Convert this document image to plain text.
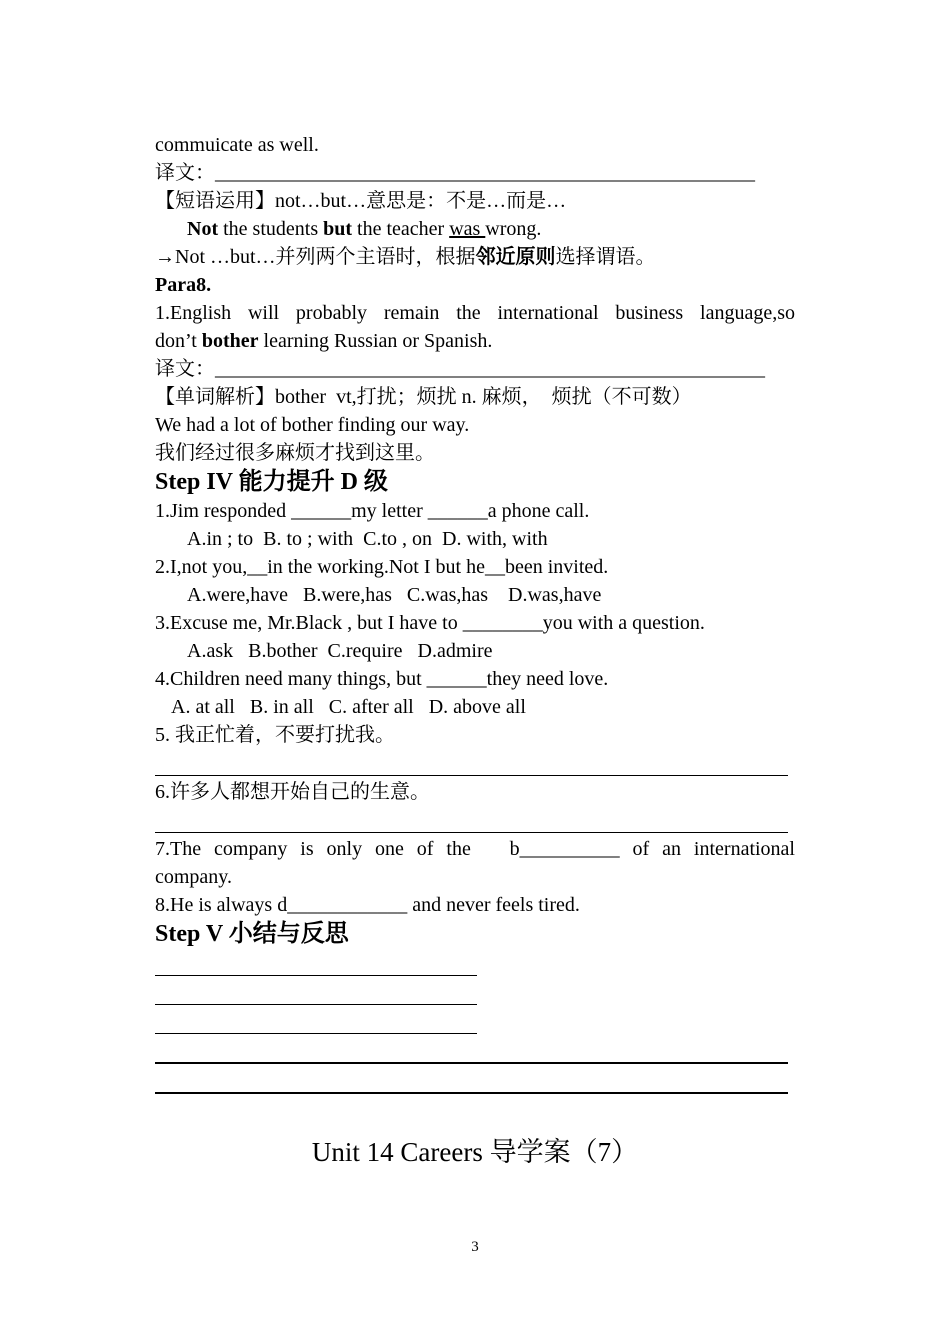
commuicate as well.
译文：______________________________________________________
【短语运用】not…but…意思是：不是…而是…
Not the students but the teacher was wrong.
→Not …but…并列两个主语时，根据邻近原则选择谓语。
Para8.
1.English will probably remain the international business language,so
don’t bother learning Russian or Spanish.
译文：_______________________________________________________
【单词解析】bother  vt,打扰；烦扰 n. 麻烦，  烦扰（不可数）
We had a lot of bother finding our way.
我们经过很多麻烦才找到这里。
Step IV 能力提升 D 级
1.Jim responded ______my letter ______a phone call.
A.in ; to  B. to ; with  C.to , on  D. with, with
2.I,not you,__in the working.Not I but he__been invited.
A.were,have   B.were,has   C.was,has    D.was,have
3.Excuse me, Mr.Black , but I have to ________you with a question.
A.ask   B.bother  C.require   D.admire
4.Children need many things, but ______they need love.
A. at all   B. in all   C. after all   D. above all
5. 我正忙着，不要打扰我。
6.许多人都想开始自己的生意。
7.The company is only one of the   b__________ of an international
company.
8.He is always d____________ and never feels tired.
Step V 小结与反思
Unit 14 Careers 导学案（7）
3
